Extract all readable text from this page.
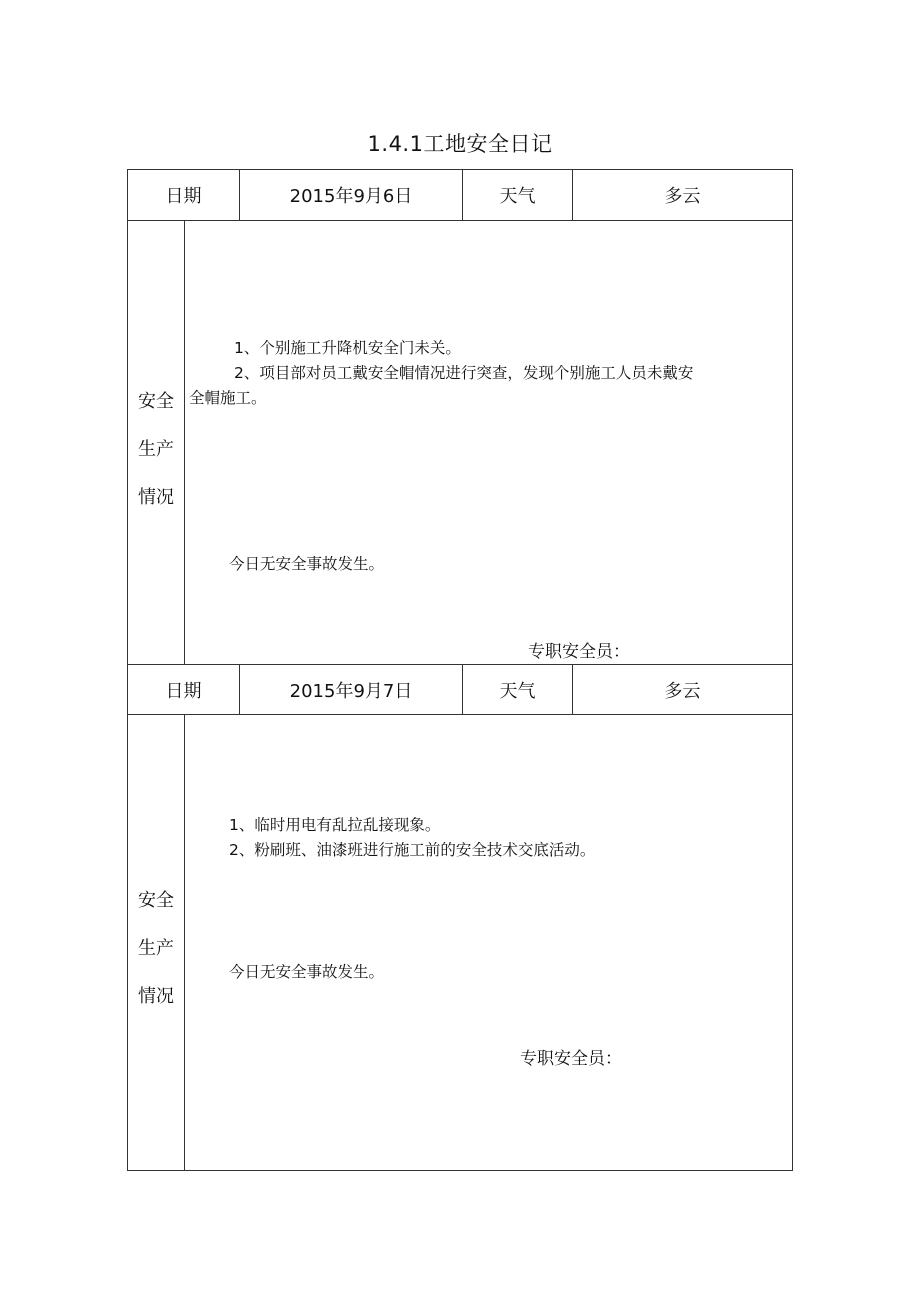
1.4.1工地安全日记
日期	2015年9月6日	天气	多云
安全
生产
情况
1、个别施工升降机安全门未关。
2、项目部对员工戴安全帽情况进行突查，发现个别施工人员未戴安
全帽施工。
今日无安全事故发生。
专职安全员：
日期	2015年9月7日	天气	多云
安全
生产
情况
1、临时用电有乱拉乱接现象。
2、粉刷班、油漆班进行施工前的安全技术交底活动。
今日无安全事故发生。
专职安全员：
